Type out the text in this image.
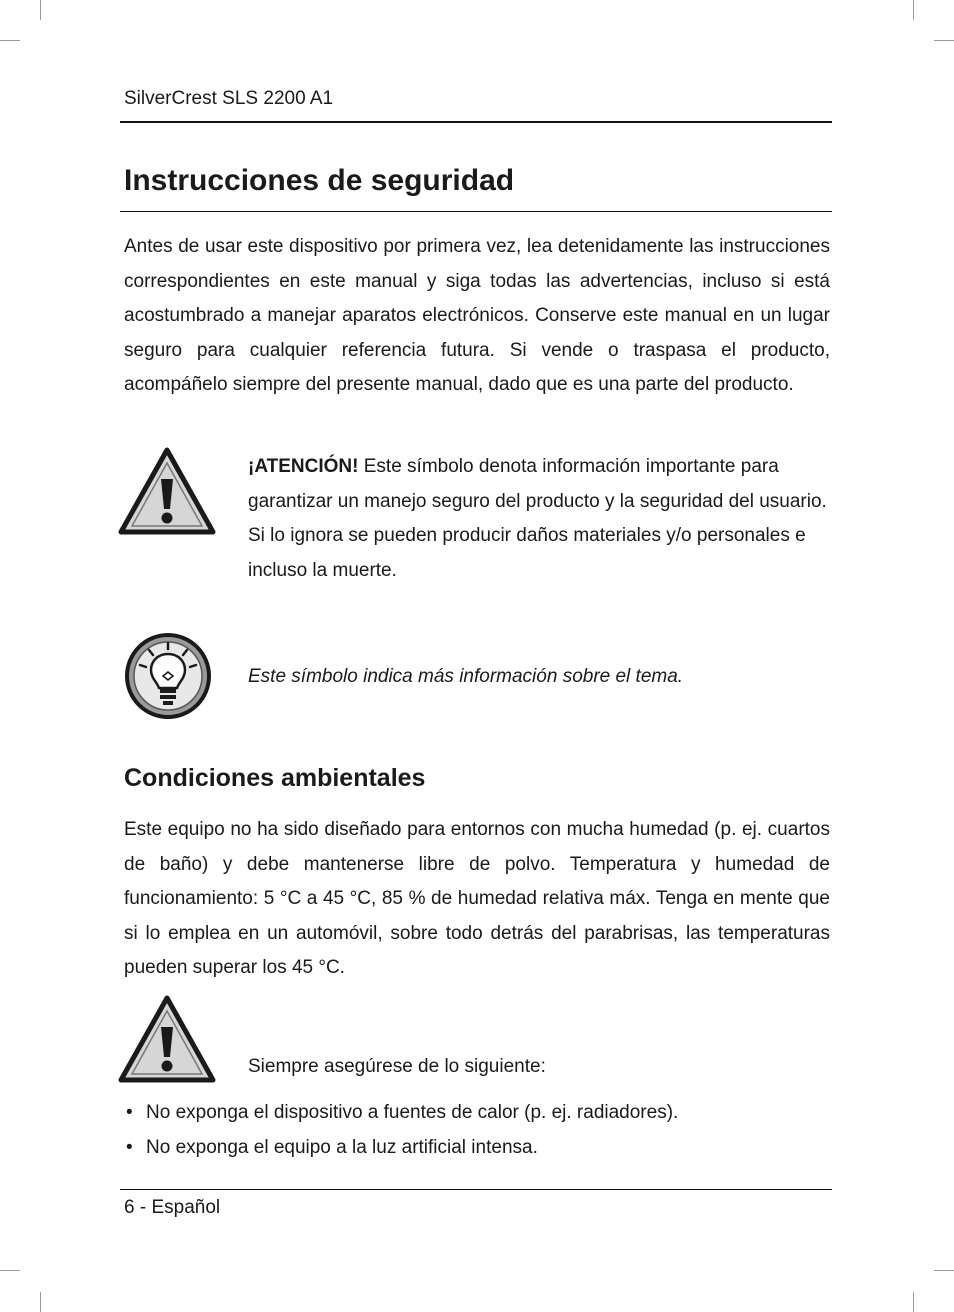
SilverCrest SLS 2200 A1
Instrucciones de seguridad

Antes de usar este dispositivo por primera vez, lea detenidamente las instrucciones correspondientes en este manual y siga todas las advertencias, incluso si está acostumbrado a manejar aparatos electrónicos. Conserve este manual en un lugar seguro para cualquier referencia futura. Si vende o traspasa el producto, acompáñelo siempre del presente manual, dado que es una parte del producto.

¡ATENCIÓN! Este símbolo denota información importante para garantizar un manejo seguro del producto y la seguridad del usuario. Si lo ignora se pueden producir daños materiales y/o personales e incluso la muerte.

Este símbolo indica más información sobre el tema.

Condiciones ambientales

Este equipo no ha sido diseñado para entornos con mucha humedad (p. ej. cuartos de baño) y debe mantenerse libre de polvo. Temperatura y humedad de funcionamiento: 5 °C a 45 °C, 85 % de humedad relativa máx. Tenga en mente que si lo emplea en un automóvil, sobre todo detrás del parabrisas, las temperaturas pueden superar los 45 °C.

Siempre asegúrese de lo siguiente:

• No exponga el dispositivo a fuentes de calor (p. ej. radiadores).
• No exponga el equipo a la luz artificial intensa.
6 - Español
